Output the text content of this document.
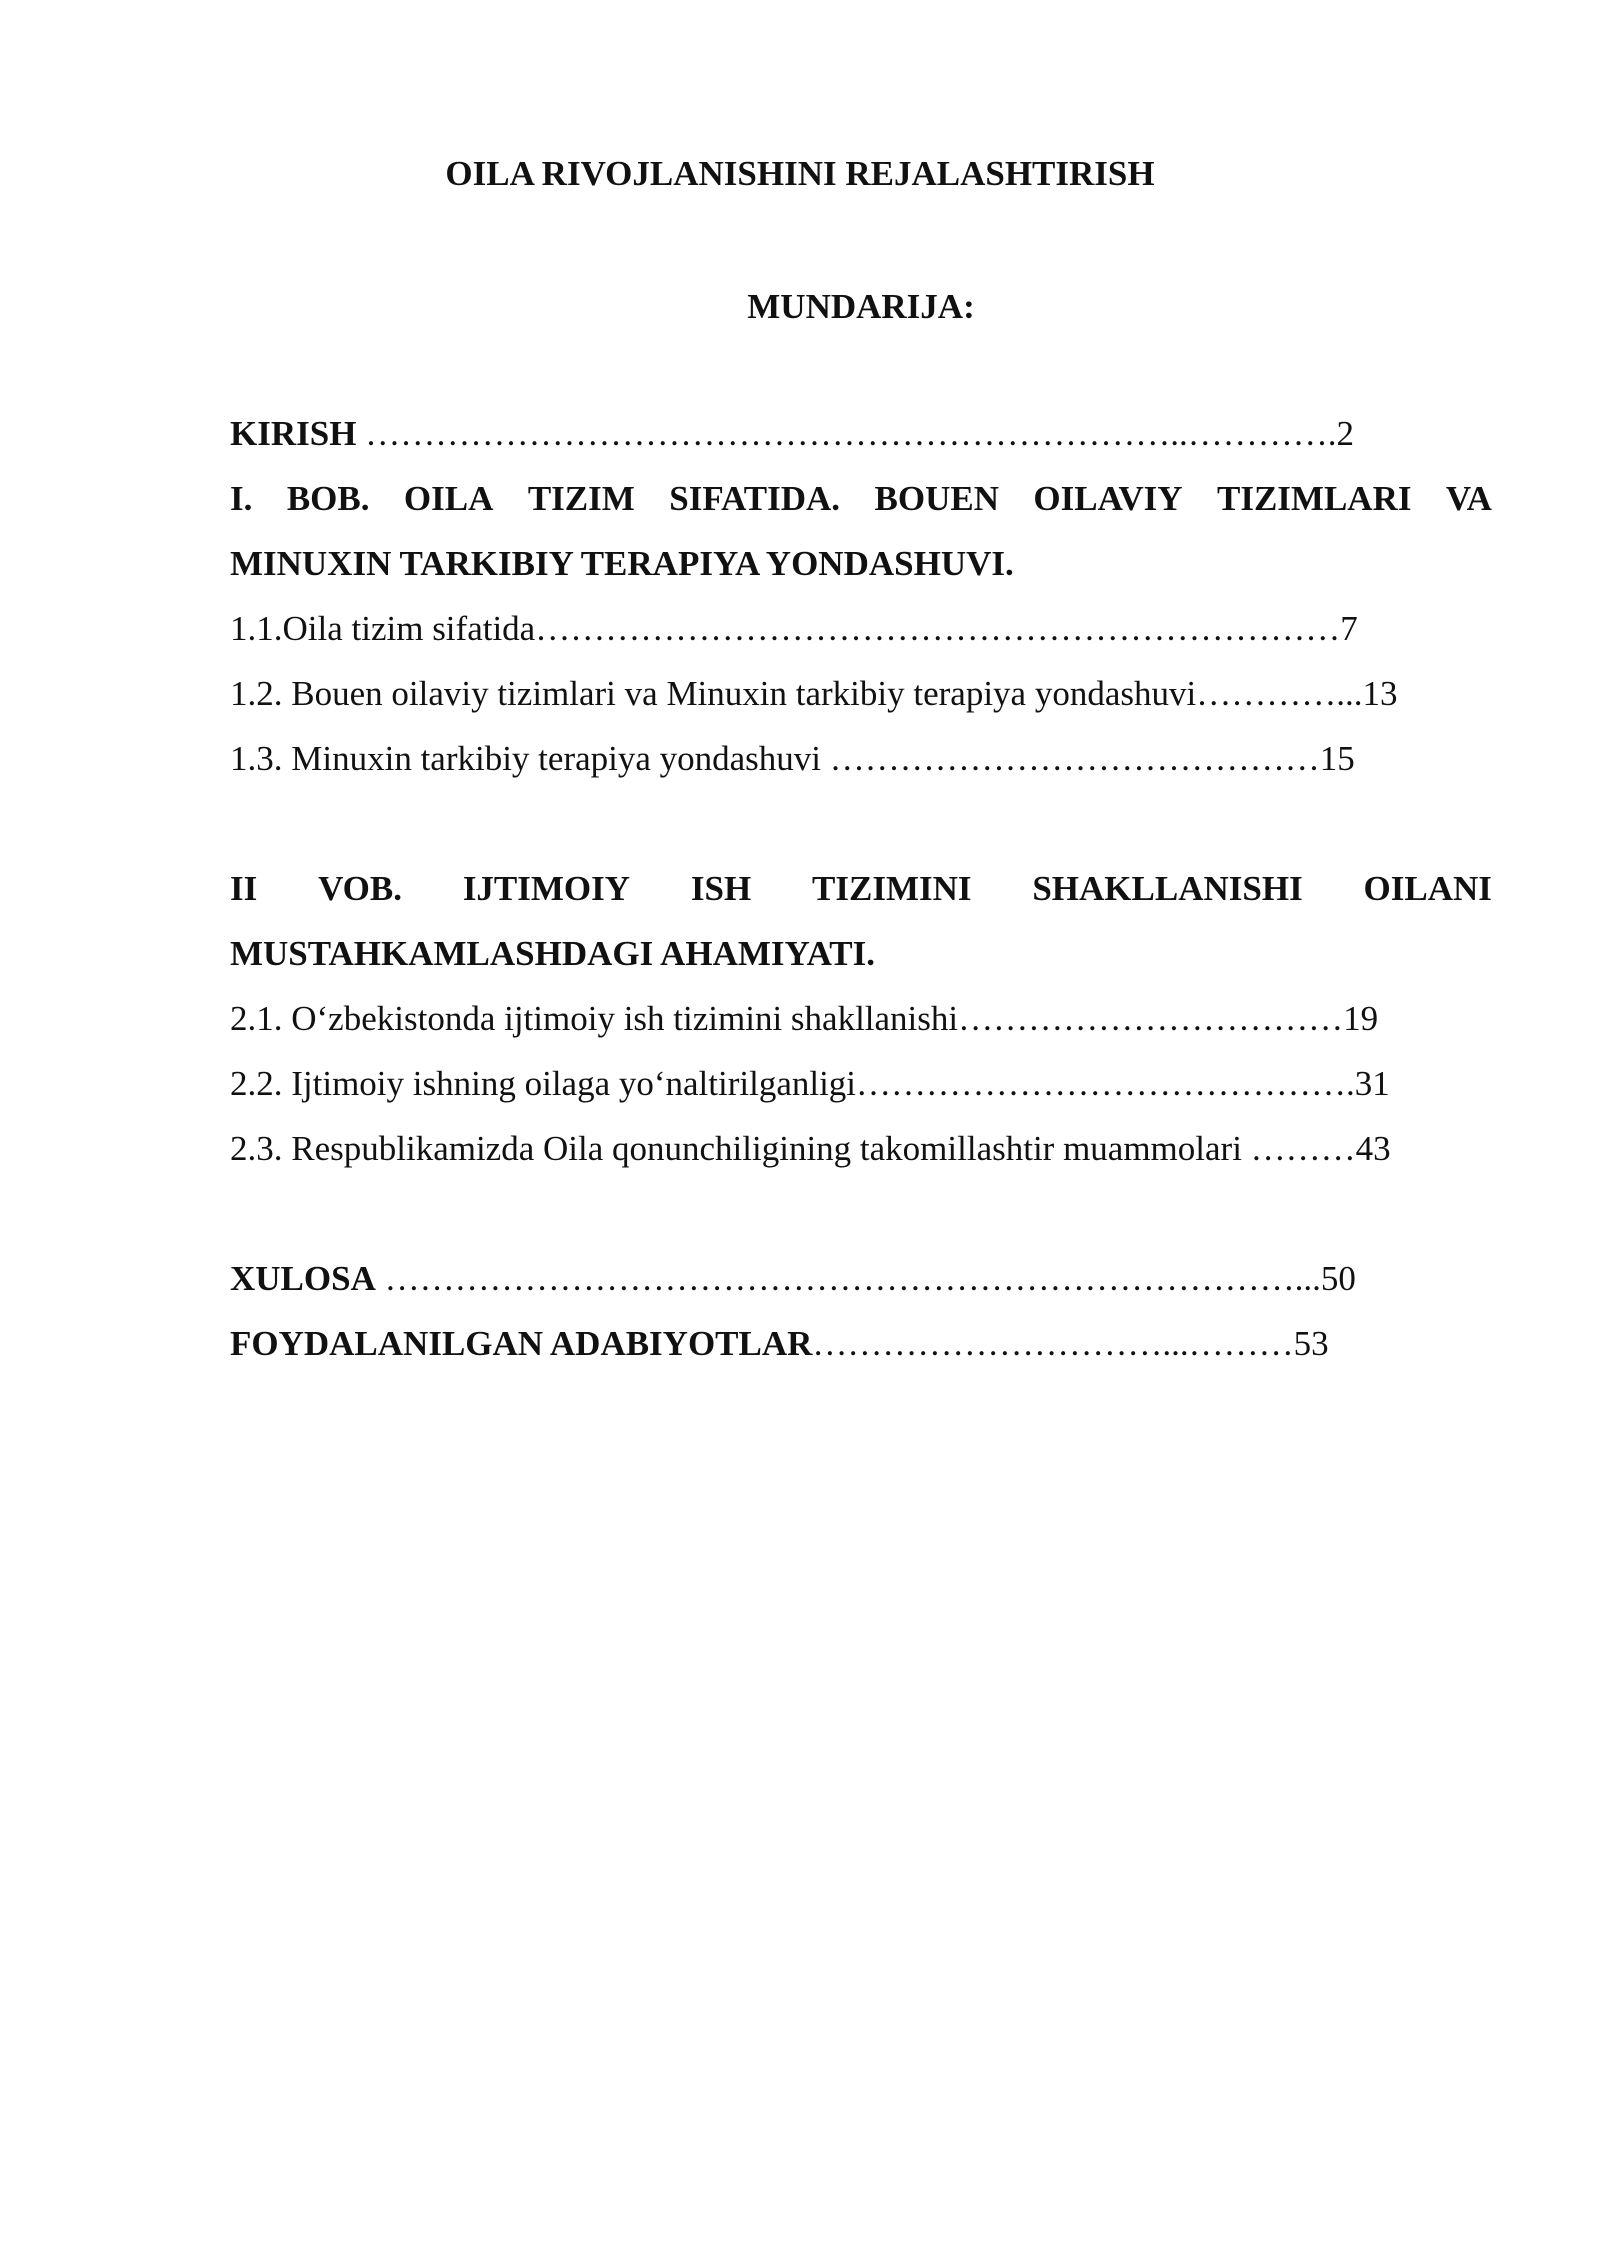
OILA RIVOJLANISHINI REJALASHTIRISH
MUNDARIJA:

KIRISH ……………………………………………………………..………….2

I. BOB. OILA TIZIM SIFATIDA. BOUEN OILAVIY TIZIMLARI VA

MINUXIN TARKIBIY TERAPIYA YONDASHUVI.

1.1.Oila tizim sifatida……………………………………………………………7

1.2. Bouen oilaviy tizimlari va Minuxin tarkibiy terapiya yondashuvi…………...13

1.3. Minuxin tarkibiy terapiya yondashuvi ……………………………………15

II VOB. IJTIMOIY ISH TIZIMINI SHAKLLANISHI OILANI

MUSTAHKAMLASHDAGI AHAMIYATI.

2.1. O‘zbekistonda ijtimoiy ish tizimini shakllanishi……………………………19

2.2. Ijtimoiy ishning oilaga yo‘naltirilganligi…………………………………….31

2.3. Respublikamizda Oila qonunchiligining takomillashtir muammolari ………43

XULOSA ……………………………………………………………………...50

FOYDALANILGAN ADABIYOTLAR…………………………...………53
